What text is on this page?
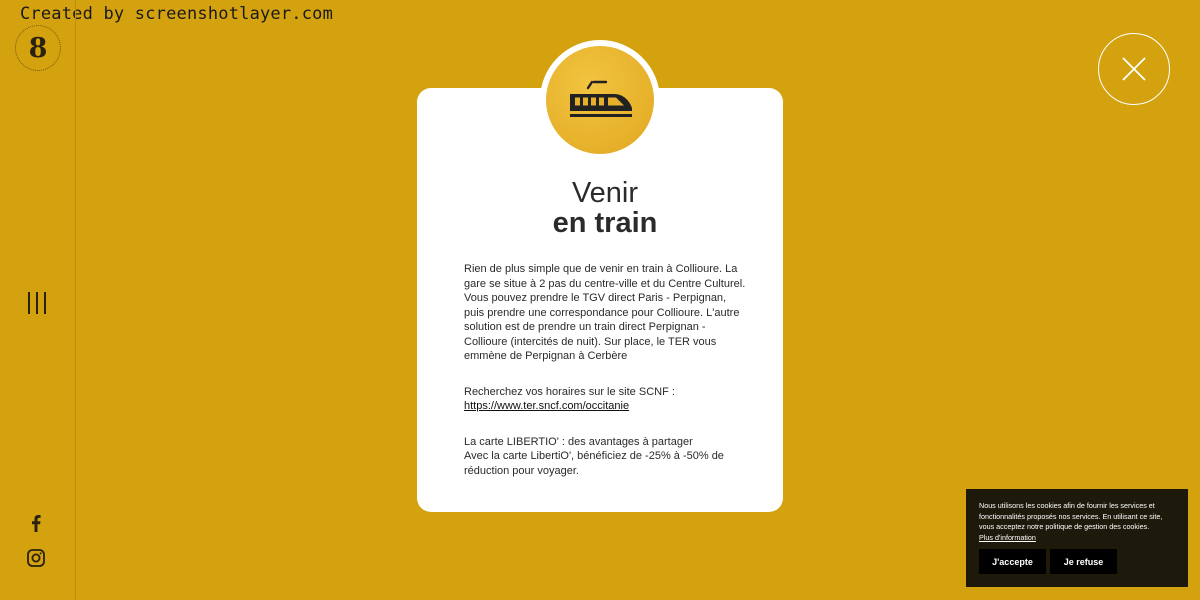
Created by screenshotlayer.com
8
Venir
en train

Rien de plus simple que de venir en train à Collioure. La gare se situe à 2 pas du centre-ville et du Centre Culturel. Vous pouvez prendre le TGV direct Paris - Perpignan, puis prendre une correspondance pour Collioure. L'autre solution est de prendre un train direct Perpignan - Collioure (intercités de nuit). Sur place, le TER vous emmène de Perpignan à Cerbère

Recherchez vos horaires sur le site SCNF :
https://www.ter.sncf.com/occitanie

La carte LIBERTIO' : des avantages à partager
Avec la carte LibertiO', bénéficiez de -25% à -50% de réduction pour voyager.

Nous utilisons les cookies afin de fournir les services et fonctionnalités proposés nos services. En utilisant ce site, vous acceptez notre politique de gestion des cookies.
Plus d'information
J'accepte	Je refuse
